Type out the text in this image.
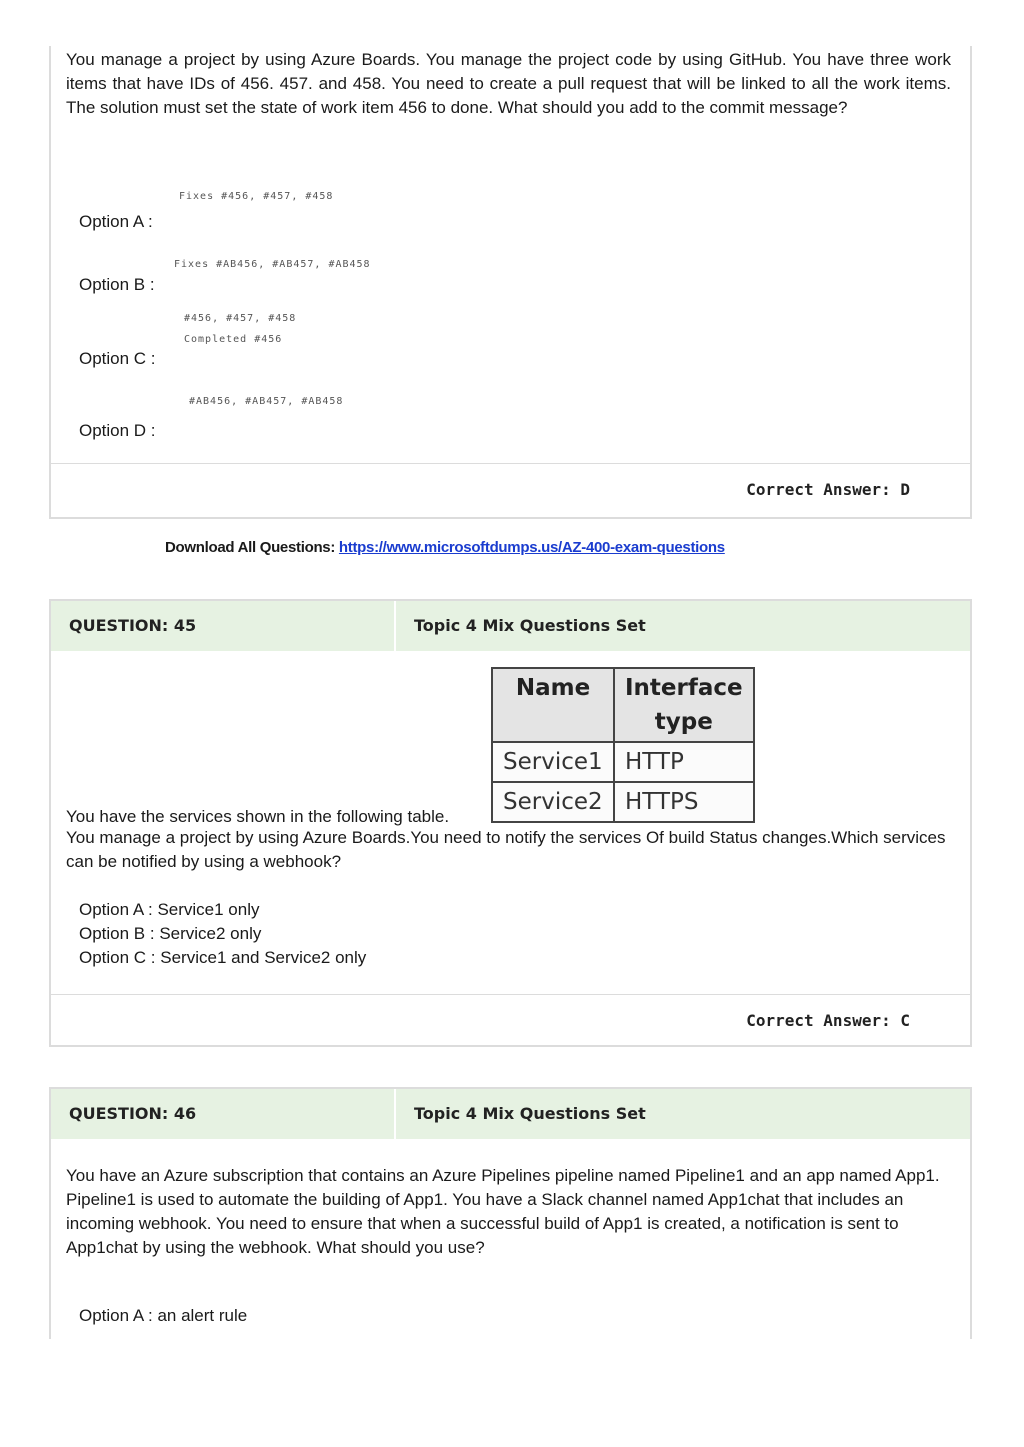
You manage a project by using Azure Boards. You manage the project code by using GitHub. You have three work items that have IDs of 456. 457. and 458. You need to create a pull request that will be linked to all the work items. The solution must set the state of work item 456 to done. What should you add to the commit message?
Fixes #456, #457, #458
Option A :
Fixes #AB456, #AB457, #AB458
Option B :
#456, #457, #458
Completed #456
Option C :
#AB456, #AB457, #AB458
Option D :
Correct Answer: D
Download All Questions: https://www.microsoftdumps.us/AZ-400-exam-questions
QUESTION: 45	Topic 4 Mix Questions Set
Name	Interface type
Service1	HTTP
Service2	HTTPS
You have the services shown in the following table.
You manage a project by using Azure Boards.You need to notify the services Of build Status changes.Which services can be notified by using a webhook?
Option A : Service1 only
Option B : Service2 only
Option C : Service1 and Service2 only
Correct Answer: C
QUESTION: 46	Topic 4 Mix Questions Set
You have an Azure subscription that contains an Azure Pipelines pipeline named Pipeline1 and an app named App1. Pipeline1 is used to automate the building of App1. You have a Slack channel named App1chat that includes an incoming webhook. You need to ensure that when a successful build of App1 is created, a notification is sent to App1chat by using the webhook. What should you use?
Option A : an alert rule
